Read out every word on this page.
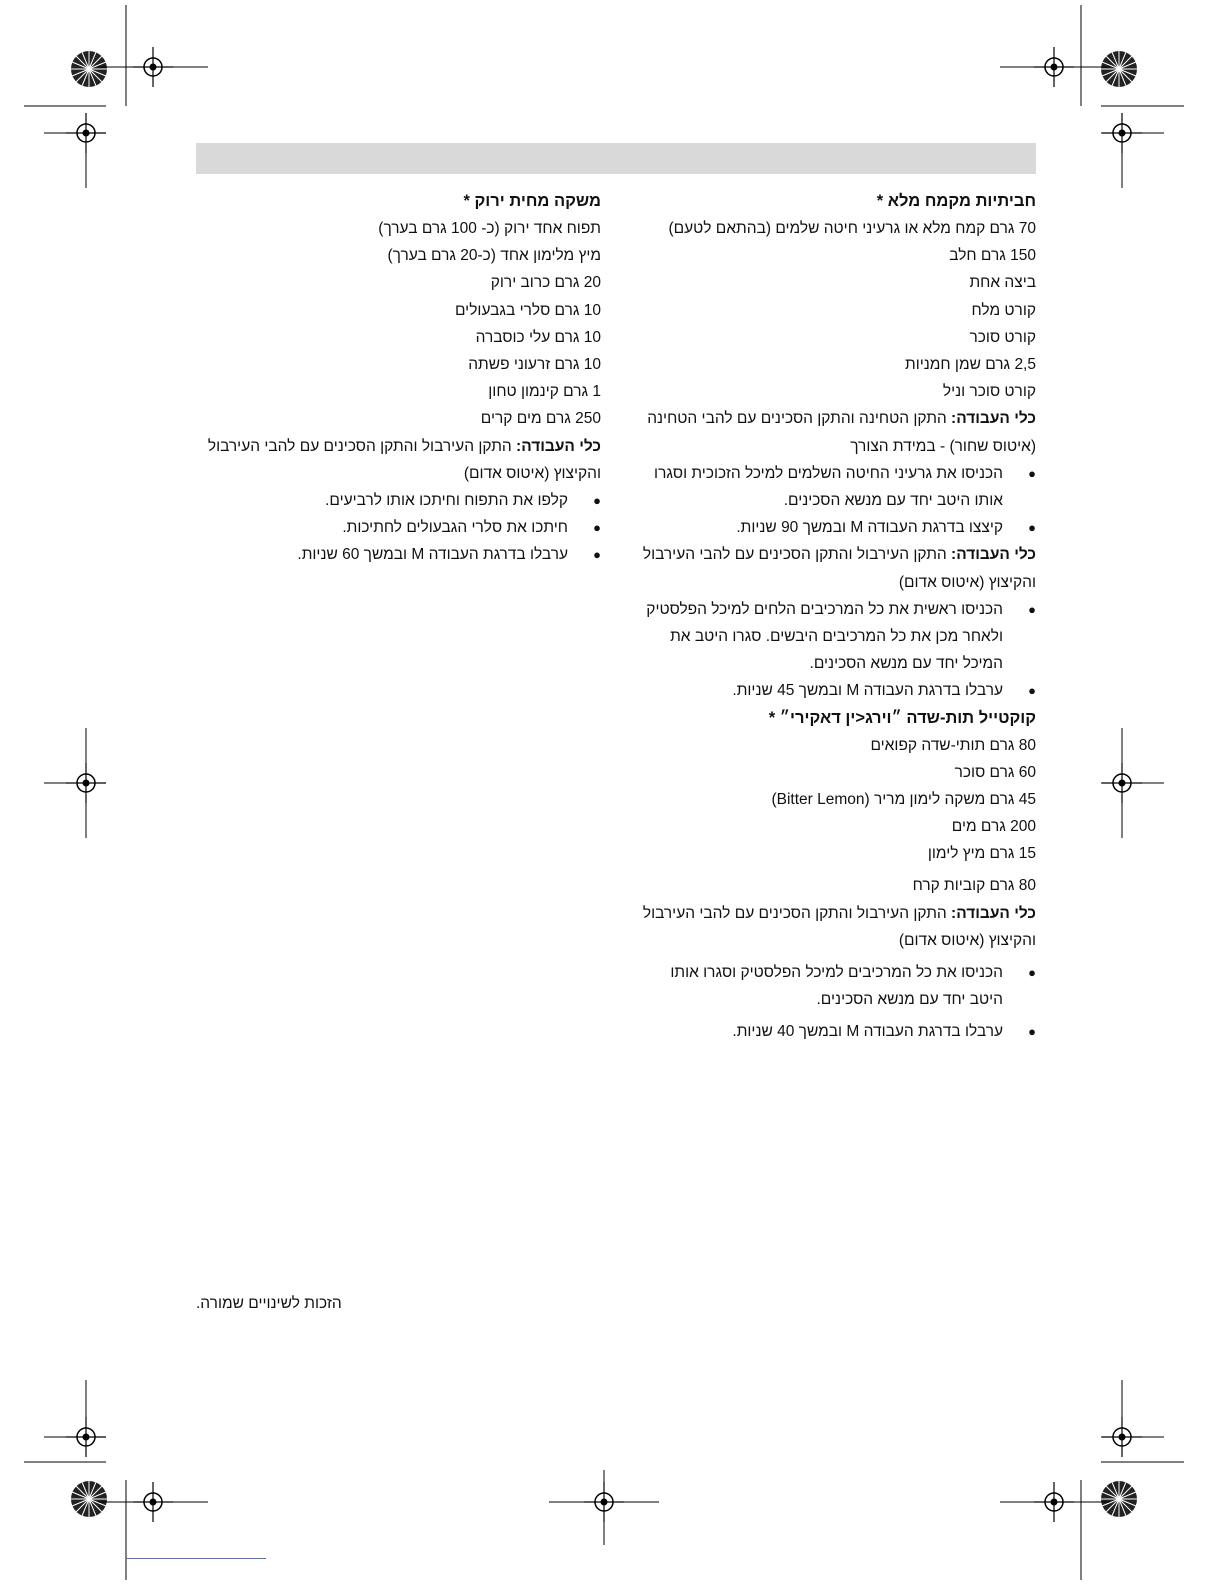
חביתיות מקמח מלא *
70 גרם קמח מלא או גרעיני חיטה שלמים (בהתאם לטעם)
150 גרם חלב
ביצה אחת
קורט מלח
קורט סוכר
2,5 גרם שמן חמניות
קורט סוכר וניל
כלי העבודה: התקן הטחינה והתקן הסכינים עם להבי הטחינה (איטוס שחור) - במידת הצורך
●
הכניסו את גרעיני החיטה השלמים למיכל הזכוכית וסגרו אותו היטב יחד עם מנשא הסכינים.
●
קיצצו בדרגת העבודה M ובמשך 90 שניות.
כלי העבודה: התקן העירבול והתקן הסכינים עם להבי העירבול והקיצוץ (איטוס אדום)
●
הכניסו ראשית את כל המרכיבים הלחים למיכל הפלסטיק ולאחר מכן את כל המרכיבים היבשים. סגרו היטב את המיכל יחד עם מנשא הסכינים.
●
ערבלו בדרגת העבודה M ובמשך 45 שניות.
קוקטייל תות-שדה ״וירג<ין דאקירי״ *
80 גרם תותי-שדה קפואים
60 גרם סוכר
45 גרם משקה לימון מריר (Bitter Lemon)
200 גרם מים
15 גרם מיץ לימון
80 גרם קוביות קרח
כלי העבודה: התקן העירבול והתקן הסכינים עם להבי העירבול והקיצוץ (איטוס אדום)
●
הכניסו את כל המרכיבים למיכל הפלסטיק וסגרו אותו היטב יחד עם מנשא הסכינים.
●
ערבלו בדרגת העבודה M ובמשך 40 שניות.
משקה מחית ירוק *
תפוח אחד ירוק (כ- 100 גרם בערך)
מיץ מלימון אחד (כ-20 גרם בערך)
20 גרם כרוב ירוק
10 גרם סלרי בגבעולים
10 גרם עלי כוסברה
10 גרם זרעוני פשתה
1 גרם קינמון טחון
250 גרם מים קרים
כלי העבודה: התקן העירבול והתקן הסכינים עם להבי העירבול והקיצוץ (איטוס אדום)
●
קלפו את התפוח וחיתכו אותו לרביעים.
●
חיתכו את סלרי הגבעולים לחתיכות.
●
ערבלו בדרגת העבודה M ובמשך 60 שניות.
הזכות לשינויים שמורה.
